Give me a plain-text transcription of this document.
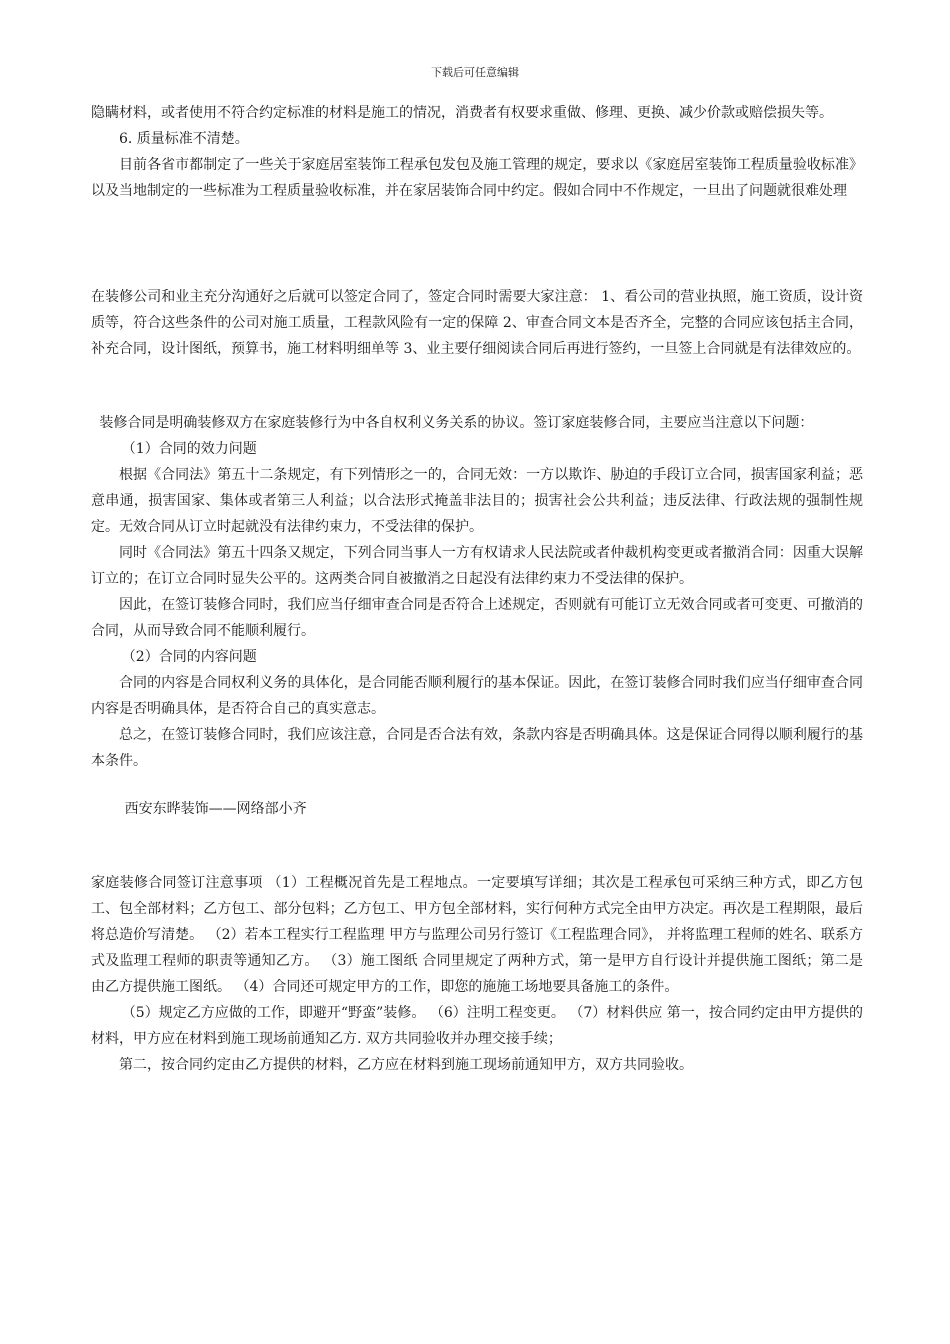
下载后可任意编辑

隐瞒材料，或者使用不符合约定标准的材料是施工的情况，消费者有权要求重做、修理、更换、减少价款或赔偿损失等。

6. 质量标准不清楚。

目前各省市都制定了一些关于家庭居室装饰工程承包发包及施工管理的规定，要求以《家庭居室装饰工程质量验收标准》以及当地制定的一些标准为工程质量验收标准，并在家居装饰合同中约定。假如合同中不作规定，一旦出了问题就很难处理

在装修公司和业主充分沟通好之后就可以签定合同了，签定合同时需要大家注意： 1、看公司的营业执照，施工资质，设计资质等，符合这些条件的公司对施工质量，工程款风险有一定的保障 2、审查合同文本是否齐全，完整的合同应该包括主合同，补充合同，设计图纸，预算书，施工材料明细单等 3、业主要仔细阅读合同后再进行签约，一旦签上合同就是有法律效应的。

装修合同是明确装修双方在家庭装修行为中各自权利义务关系的协议。签订家庭装修合同，主要应当注意以下问题：

（1）合同的效力问题

根据《合同法》第五十二条规定，有下列情形之一的，合同无效：一方以欺诈、胁迫的手段订立合同，损害国家利益；恶意串通，损害国家、集体或者第三人利益；以合法形式掩盖非法目的；损害社会公共利益；违反法律、行政法规的强制性规定。无效合同从订立时起就没有法律约束力，不受法律的保护。

同时《合同法》第五十四条又规定，下列合同当事人一方有权请求人民法院或者仲裁机构变更或者撤消合同：因重大误解订立的；在订立合同时显失公平的。这两类合同自被撤消之日起没有法律约束力不受法律的保护。

因此，在签订装修合同时，我们应当仔细审查合同是否符合上述规定，否则就有可能订立无效合同或者可变更、可撤消的合同，从而导致合同不能顺利履行。

（2）合同的内容问题

合同的内容是合同权利义务的具体化，是合同能否顺利履行的基本保证。因此，在签订装修合同时我们应当仔细审查合同内容是否明确具体，是否符合自己的真实意志。

总之，在签订装修合同时，我们应该注意，合同是否合法有效，条款内容是否明确具体。这是保证合同得以顺利履行的基本条件。

西安东晔装饰——网络部小齐

家庭装修合同签订注意事项 （1）工程概况首先是工程地点。一定要填写详细；其次是工程承包可采纳三种方式，即乙方包工、包全部材料；乙方包工、部分包料；乙方包工、甲方包全部材料，实行何种方式完全由甲方决定。再次是工程期限，最后将总造价写清楚。 （2）若本工程实行工程监理 甲方与监理公司另行签订《工程监理合同》， 并将监理工程师的姓名、联系方式及监理工程师的职责等通知乙方。 （3）施工图纸 合同里规定了两种方式，第一是甲方自行设计并提供施工图纸；第二是由乙方提供施工图纸。 （4）合同还可规定甲方的工作，即您的施施工场地要具备施工的条件。

（5）规定乙方应做的工作，即避开“野蛮”装修。 （6）注明工程变更。 （7）材料供应 第一，按合同约定由甲方提供的材料，甲方应在材料到施工现场前通知乙方. 双方共同验收并办理交接手续；

第二，按合同约定由乙方提供的材料，乙方应在材料到施工现场前通知甲方，双方共同验收。
